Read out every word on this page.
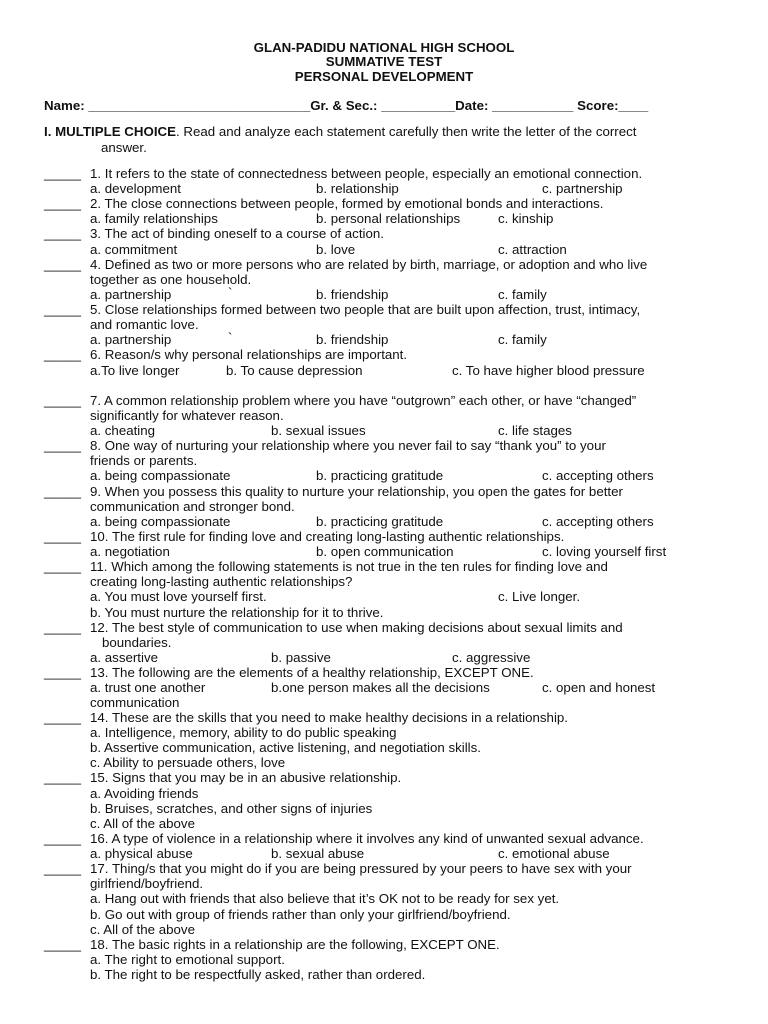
GLAN-PADIDU NATIONAL HIGH SCHOOL
SUMMATIVE TEST
PERSONAL DEVELOPMENT
Name: ______________________________Gr. & Sec.: __________Date: ___________ Score:____
I. MULTIPLE CHOICE. Read and analyze each statement carefully then write the letter of the correct
answer.
_____ 1. It refers to the state of connectedness between people, especially an emotional connection.
a. development	b. relationship	c. partnership
_____ 2. The close connections between people, formed by emotional bonds and interactions.
a. family relationships	b. personal relationships	c. kinship
_____ 3. The act of binding oneself to a course of action.
a. commitment	b. love	c. attraction
_____ 4. Defined as two or more persons who are related by birth, marriage, or adoption and who live
together as one household.
a. partnership	`	b. friendship	c. family
_____ 5. Close relationships formed between two people that are built upon affection, trust, intimacy,
and romantic love.
a. partnership	`	b. friendship	c. family
_____ 6. Reason/s why personal relationships are important.
a.To live longer	b. To cause depression	c. To have higher blood pressure
_____ 7. A common relationship problem where you have “outgrown” each other, or have “changed”
significantly for whatever reason.
a. cheating	b. sexual issues	c. life stages
_____ 8. One way of nurturing your relationship where you never fail to say “thank you” to your
friends or parents.
a. being compassionate	b. practicing gratitude	c. accepting others
_____ 9. When you possess this quality to nurture your relationship, you open the gates for better
communication and stronger bond.
a. being compassionate	b. practicing gratitude	c. accepting others
_____ 10. The first rule for finding love and creating long-lasting authentic relationships.
a. negotiation	b. open communication	c. loving yourself first
_____ 11. Which among the following statements is not true in the ten rules for finding love and
creating long-lasting authentic relationships?
a. You must love yourself first.	c. Live longer.
b. You must nurture the relationship for it to thrive.
_____ 12. The best style of communication to use when making decisions about sexual limits and
boundaries.
a. assertive	b. passive	c. aggressive
_____ 13. The following are the elements of a healthy relationship, EXCEPT ONE.
a. trust one another	b.one person makes all the decisions	c. open and honest
communication
_____ 14. These are the skills that you need to make healthy decisions in a relationship.
a. Intelligence, memory, ability to do public speaking
b. Assertive communication, active listening, and negotiation skills.
c. Ability to persuade others, love
_____ 15. Signs that you may be in an abusive relationship.
a. Avoiding friends
b. Bruises, scratches, and other signs of injuries
c. All of the above
_____ 16. A type of violence in a relationship where it involves any kind of unwanted sexual advance.
a. physical abuse	b. sexual abuse	c. emotional abuse
_____ 17. Thing/s that you might do if you are being pressured by your peers to have sex with your
girlfriend/boyfriend.
a. Hang out with friends that also believe that it’s OK not to be ready for sex yet.
b. Go out with group of friends rather than only your girlfriend/boyfriend.
c. All of the above
_____ 18. The basic rights in a relationship are the following, EXCEPT ONE.
a. The right to emotional support.
b. The right to be respectfully asked, rather than ordered.
